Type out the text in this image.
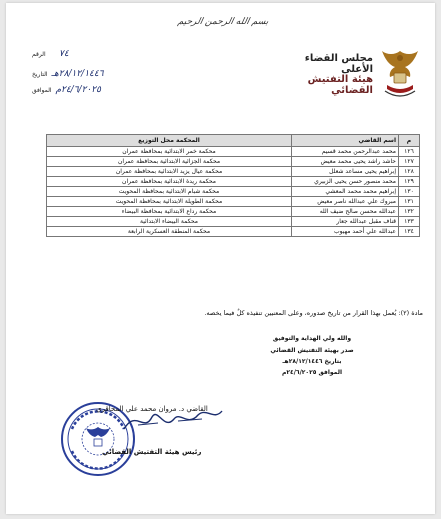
بسم الله الرحمن الرحيم
مجلس القضاء الأعلى
هيئة التفتيش القضائي
٧٤       الرقم
٢٨/١٢/١٤٤٦هـ  التاريخ
٢٤/٦/٢٠٢٥م  الموافق
م	اسم القاضي	المحكمة محل التوزيع
١٢٦	محمد عبدالرحمن محمد قسيم	محكمة خمر الابتدائية بمحافظة عمران
١٢٧	حاشد راشد يحيى محمد معيض	محكمة الجزائية الابتدائية بمحافظة عمران
١٢٨	إبراهيم يحيى مساعد شعلل	محكمة عيال يزيد الابتدائية بمحافظة عمران
١٢٩	محمد منصور حسن يحيى الزبيري	محكمة ريدة الابتدائية بمحافظة عمران
١٣٠	إبراهيم محمد محمد المعشي	محكمة شبام الابتدائية بمحافظة المحويت
١٣١	مبروك علي عبدالله ناصر معيض	محكمة الطويلة الابتدائية بمحافظة المحويت
١٣٢	عبدالله محسن صالح ضيف الله	محكمة رداع الابتدائية بمحافظة البيضاء
١٣٣	قناف مقبل عبدالله جعار	محكمة البيضاء الابتدائية
١٣٤	عبدالله علي أحمد مهيوب	محكمة المنطقة العسكرية الرابعة
مادة (٢): يُعمل بهذا القرار من تاريخ صدوره، وعلى المعنيين تنفيذه كلٌ فيما يخصه.
والله ولي الهداية والتوفيق
صدر بهيئة التفتيش القضائي
بتاريخ ٢٨/١٢/١٤٤٦هـ
الموافق ٢٤/٦/٢٠٢٥م
القاضي د. مروان محمد علي المحاقري
رئيس هيئة التفتيش القضائي
